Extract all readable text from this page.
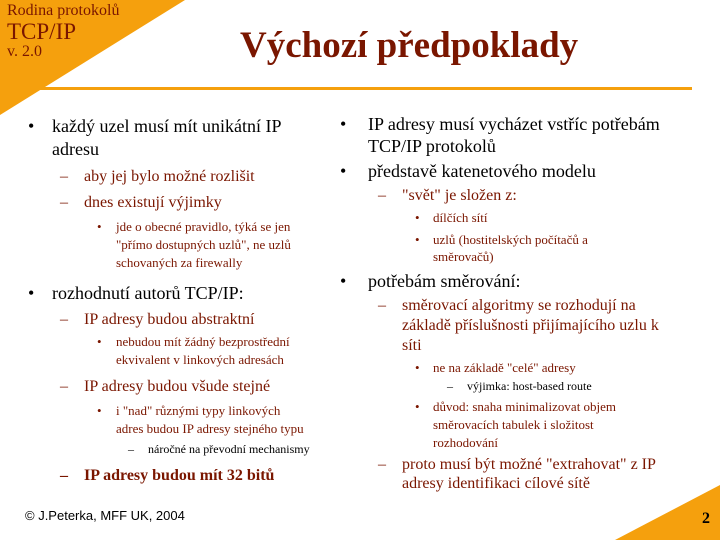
Rodina protokolů
TCP/IP
v. 2.0	Výchozí předpoklady
• každý uzel musí mít unikátní IP
adresu
– aby jej bylo možné rozlišit
– dnes existují výjimky
• jde o obecné pravidlo, týká se jen
"přímo dostupných uzlů", ne uzlů
schovaných za firewally
• rozhodnutí autorů TCP/IP:
– IP adresy budou abstraktní
• nebudou mít žádný bezprostřední
ekvivalent v linkových adresách
– IP adresy budou všude stejné
• i "nad" různými typy linkových
adres budou IP adresy stejného typu
– náročné na převodní mechanismy
– IP adresy budou mít 32 bitů
• IP adresy musí vycházet vstříc potřebám
TCP/IP protokolů
• představě katenetového modelu
– "svět" je složen z:
• dílčích sítí
• uzlů (hostitelských počítačů a
směrovačů)
• potřebám směrování:
– směrovací algoritmy se rozhodují na
základě příslušnosti přijímajícího uzlu k
síti
• ne na základě "celé" adresy
– výjimka: host-based route
• důvod: snaha minimalizovat objem
směrovacích tabulek i složitost
rozhodování
– proto musí být možné "extrahovat" z IP
adresy identifikaci cílové sítě
© J.Peterka, MFF UK, 2004	2
